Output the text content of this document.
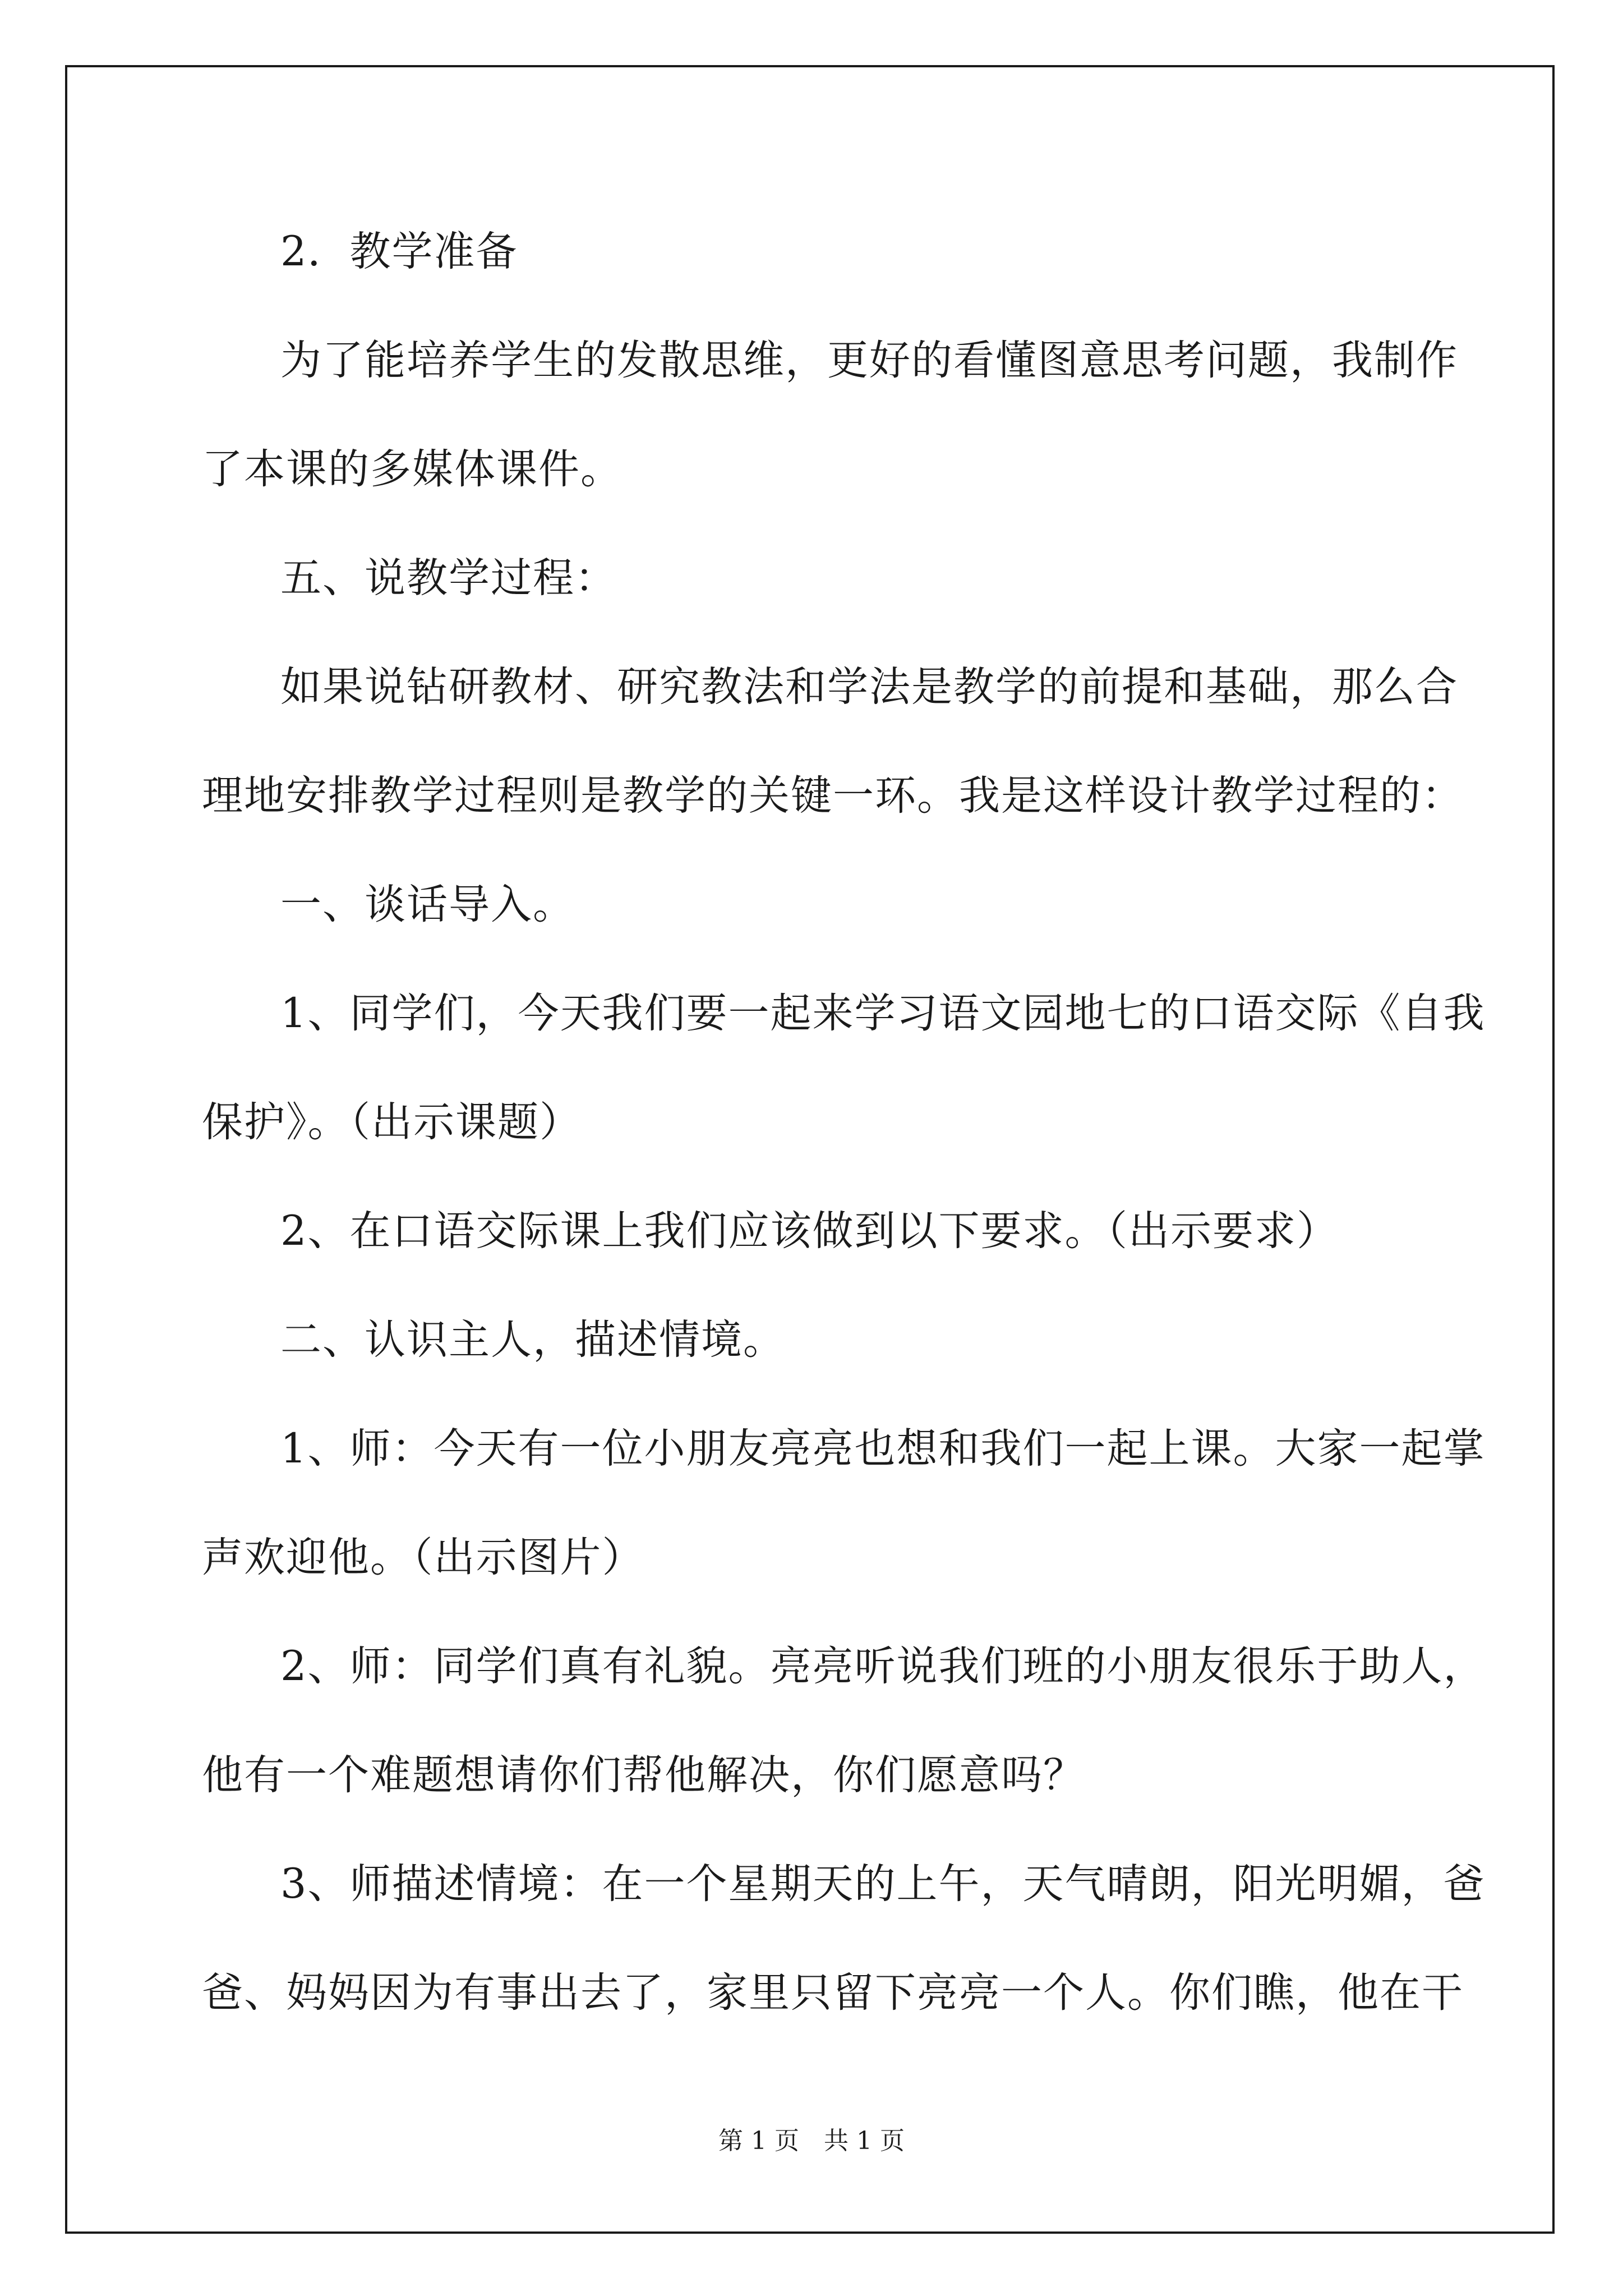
2．教学准备
为了能培养学生的发散思维，更好的看懂图意思考问题，我制作
了本课的多媒体课件。
五、说教学过程：
如果说钻研教材、研究教法和学法是教学的前提和基础，那么合
理地安排教学过程则是教学的关键一环。我是这样设计教学过程的：
一、谈话导入。
1、同学们，今天我们要一起来学习语文园地七的口语交际《自我
保护》。（出示课题）
2、在口语交际课上我们应该做到以下要求。（出示要求）
二、认识主人，描述情境。
1、师：今天有一位小朋友亮亮也想和我们一起上课。大家一起掌
声欢迎他。（出示图片）
2、师：同学们真有礼貌。亮亮听说我们班的小朋友很乐于助人，
他有一个难题想请你们帮他解决，你们愿意吗？
3、师描述情境：在一个星期天的上午，天气晴朗，阳光明媚，爸
爸、妈妈因为有事出去了，家里只留下亮亮一个人。你们瞧，他在干
第 1 页　共 1 页
